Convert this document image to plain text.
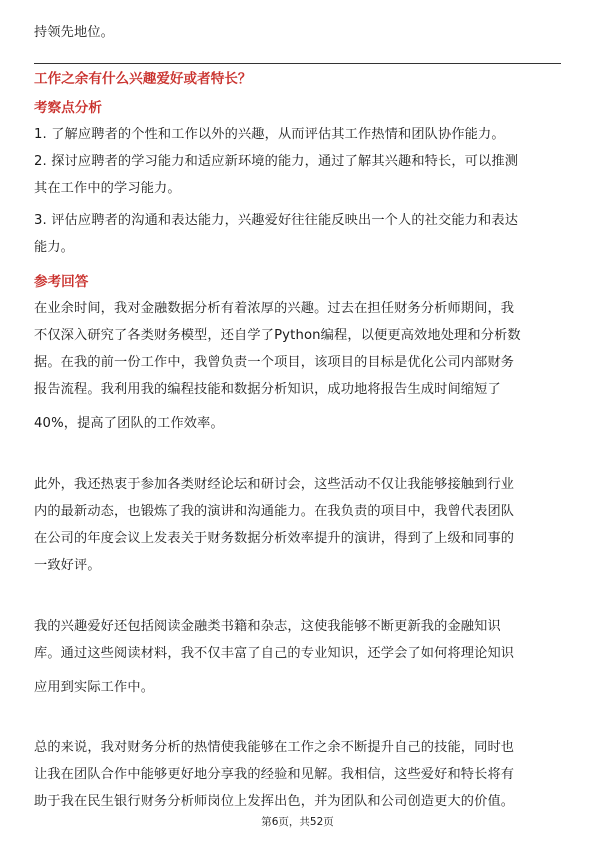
持领先地位。
工作之余有什么兴趣爱好或者特长？
考察点分析
1. 了解应聘者的个性和工作以外的兴趣，从而评估其工作热情和团队协作能力。
2. 探讨应聘者的学习能力和适应新环境的能力，通过了解其兴趣和特长，可以推测
其在工作中的学习能力。
3. 评估应聘者的沟通和表达能力，兴趣爱好往往能反映出一个人的社交能力和表达
能力。
参考回答
在业余时间，我对金融数据分析有着浓厚的兴趣。过去在担任财务分析师期间，我
不仅深入研究了各类财务模型，还自学了Python编程，以便更高效地处理和分析数
据。在我的前一份工作中，我曾负责一个项目，该项目的目标是优化公司内部财务
报告流程。我利用我的编程技能和数据分析知识，成功地将报告生成时间缩短了
40%，提高了团队的工作效率。
此外，我还热衷于参加各类财经论坛和研讨会，这些活动不仅让我能够接触到行业
内的最新动态，也锻炼了我的演讲和沟通能力。在我负责的项目中，我曾代表团队
在公司的年度会议上发表关于财务数据分析效率提升的演讲，得到了上级和同事的
一致好评。
我的兴趣爱好还包括阅读金融类书籍和杂志，这使我能够不断更新我的金融知识
库。通过这些阅读材料，我不仅丰富了自己的专业知识，还学会了如何将理论知识
应用到实际工作中。
总的来说，我对财务分析的热情使我能够在工作之余不断提升自己的技能，同时也
让我在团队合作中能够更好地分享我的经验和见解。我相信，这些爱好和特长将有
助于我在民生银行财务分析师岗位上发挥出色，并为团队和公司创造更大的价值。
第6页，共52页
